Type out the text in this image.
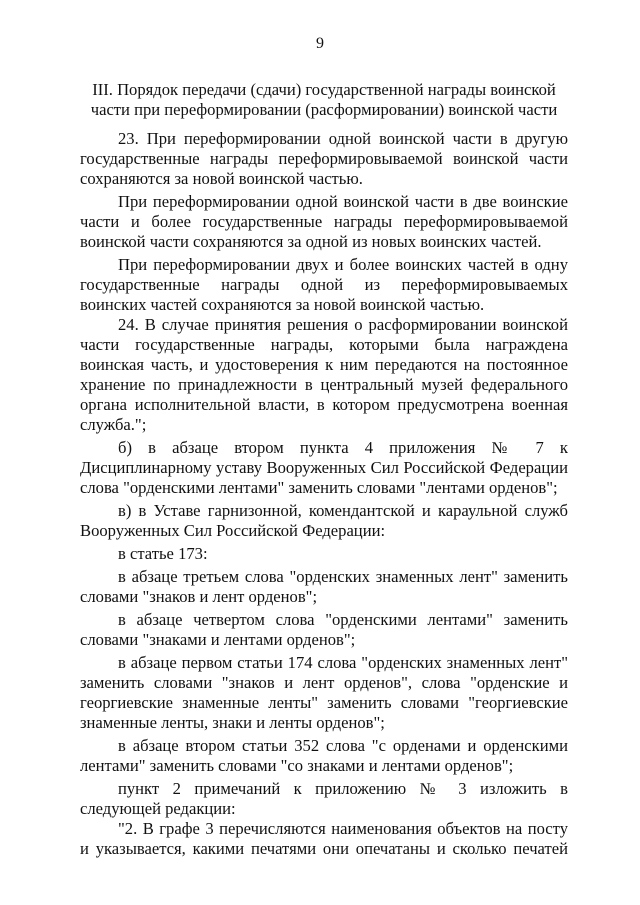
9
III. Порядок передачи (сдачи) государственной награды воинской
части при переформировании (расформировании) воинской части

23. При переформировании одной воинской части в другую государственные награды переформировываемой воинской части сохраняются за новой воинской частью.

При переформировании одной воинской части в две воинские части и более государственные награды переформировываемой воинской части сохраняются за одной из новых воинских частей.

При переформировании двух и более воинских частей в одну государственные награды одной из переформировываемых воинских частей сохраняются за новой воинской частью.

24. В случае принятия решения о расформировании воинской части государственные награды, которыми была награждена воинская часть, и удостоверения к ним передаются на постоянное хранение по принадлежности в центральный музей федерального органа исполнительной власти, в котором предусмотрена военная служба.";

б) в абзаце втором пункта 4 приложения № 7 к Дисциплинарному уставу Вооруженных Сил Российской Федерации слова "орденскими лентами" заменить словами "лентами орденов";

в) в Уставе гарнизонной, комендантской и караульной служб Вооруженных Сил Российской Федерации:

в статье 173:

в абзаце третьем слова "орденских знаменных лент" заменить словами "знаков и лент орденов";

в абзаце четвертом слова "орденскими лентами" заменить словами "знаками и лентами орденов";

в абзаце первом статьи 174 слова "орденских знаменных лент" заменить словами "знаков и лент орденов", слова "орденские и георгиевские знаменные ленты" заменить словами "георгиевские знаменные ленты, знаки и ленты орденов";

в абзаце втором статьи 352 слова "с орденами и орденскими лентами" заменить словами "со знаками и лентами орденов";

пункт 2 примечаний к приложению № 3 изложить в следующей редакции:

"2. В графе 3 перечисляются наименования объектов на посту и указывается, какими печатями они опечатаны и сколько печатей
